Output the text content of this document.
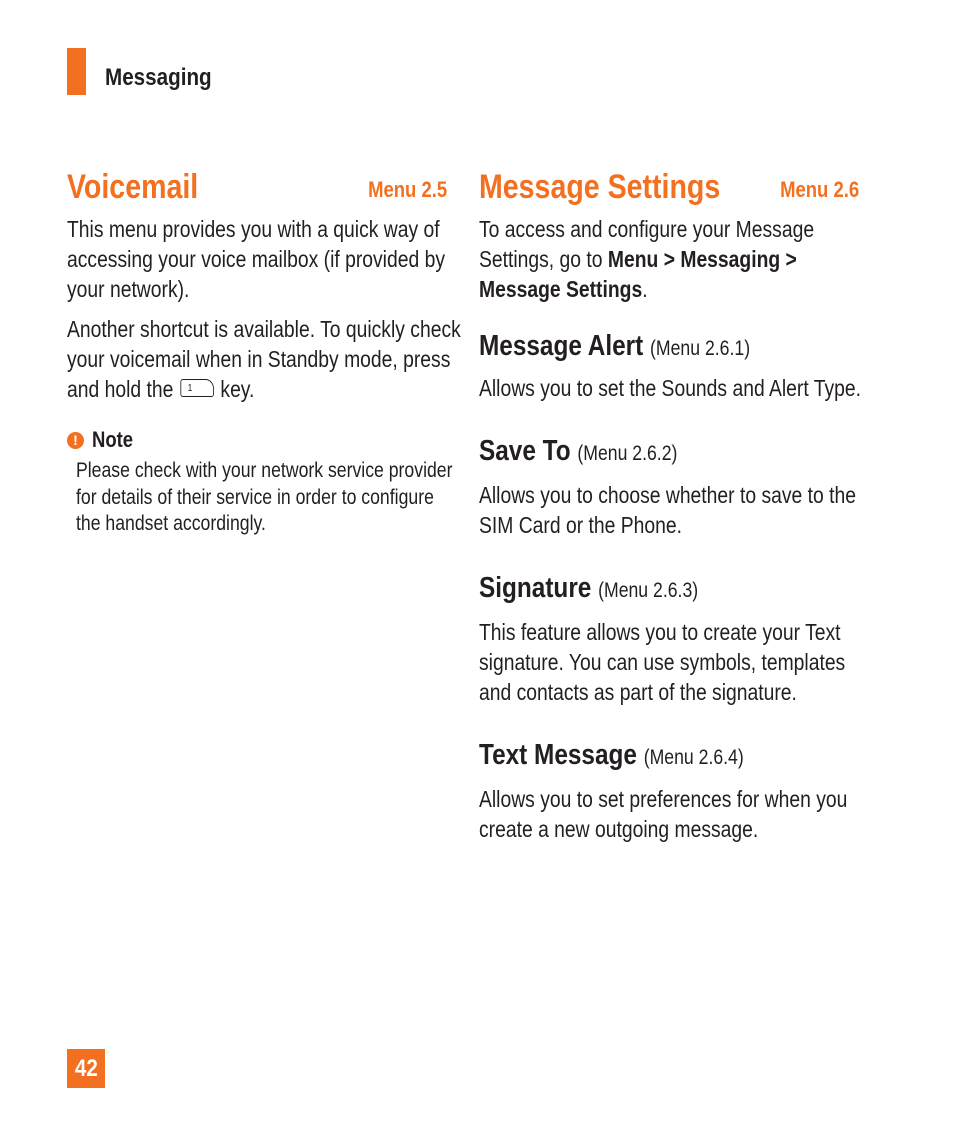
Messaging
Voicemail	Menu 2.5
This menu provides you with a quick way of
accessing your voice mailbox (if provided by
your network).
Another shortcut is available. To quickly check
your voicemail when in Standby mode, press
and hold the 1 key.
! Note
Please check with your network service provider
for details of their service in order to configure
the handset accordingly.
Message Settings	Menu 2.6
To access and configure your Message
Settings, go to Menu > Messaging >
Message Settings.
Message Alert (Menu 2.6.1)
Allows you to set the Sounds and Alert Type.
Save To (Menu 2.6.2)
Allows you to choose whether to save to the
SIM Card or the Phone.
Signature (Menu 2.6.3)
This feature allows you to create your Text
signature. You can use symbols, templates
and contacts as part of the signature.
Text Message (Menu 2.6.4)
Allows you to set preferences for when you
create a new outgoing message.
42
